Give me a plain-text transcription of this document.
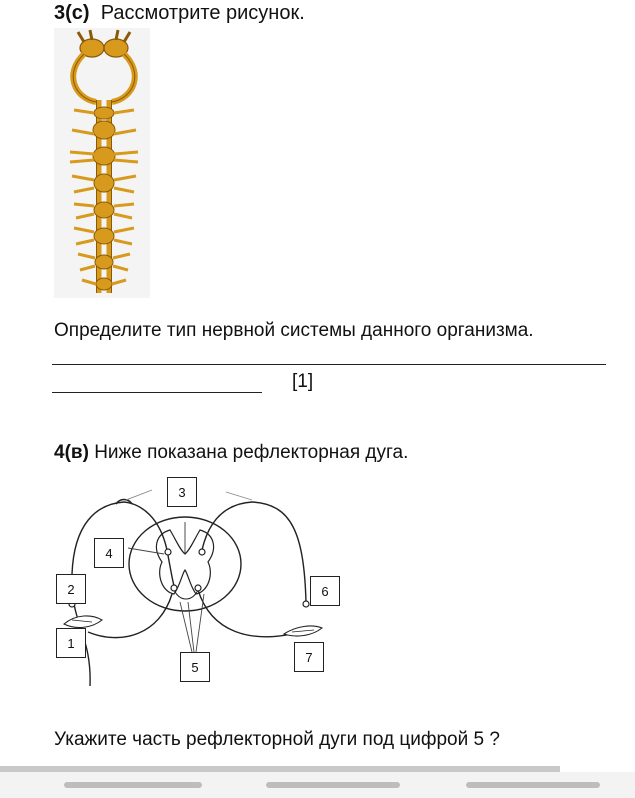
3(c) Рассмотрите рисунок.
Определите тип нервной системы данного организма.
[1]
4(в) Ниже показана рефлекторная дуга.
3
4
2	6
1
7
5
Укажите часть рефлекторной дуги под цифрой 5 ?
